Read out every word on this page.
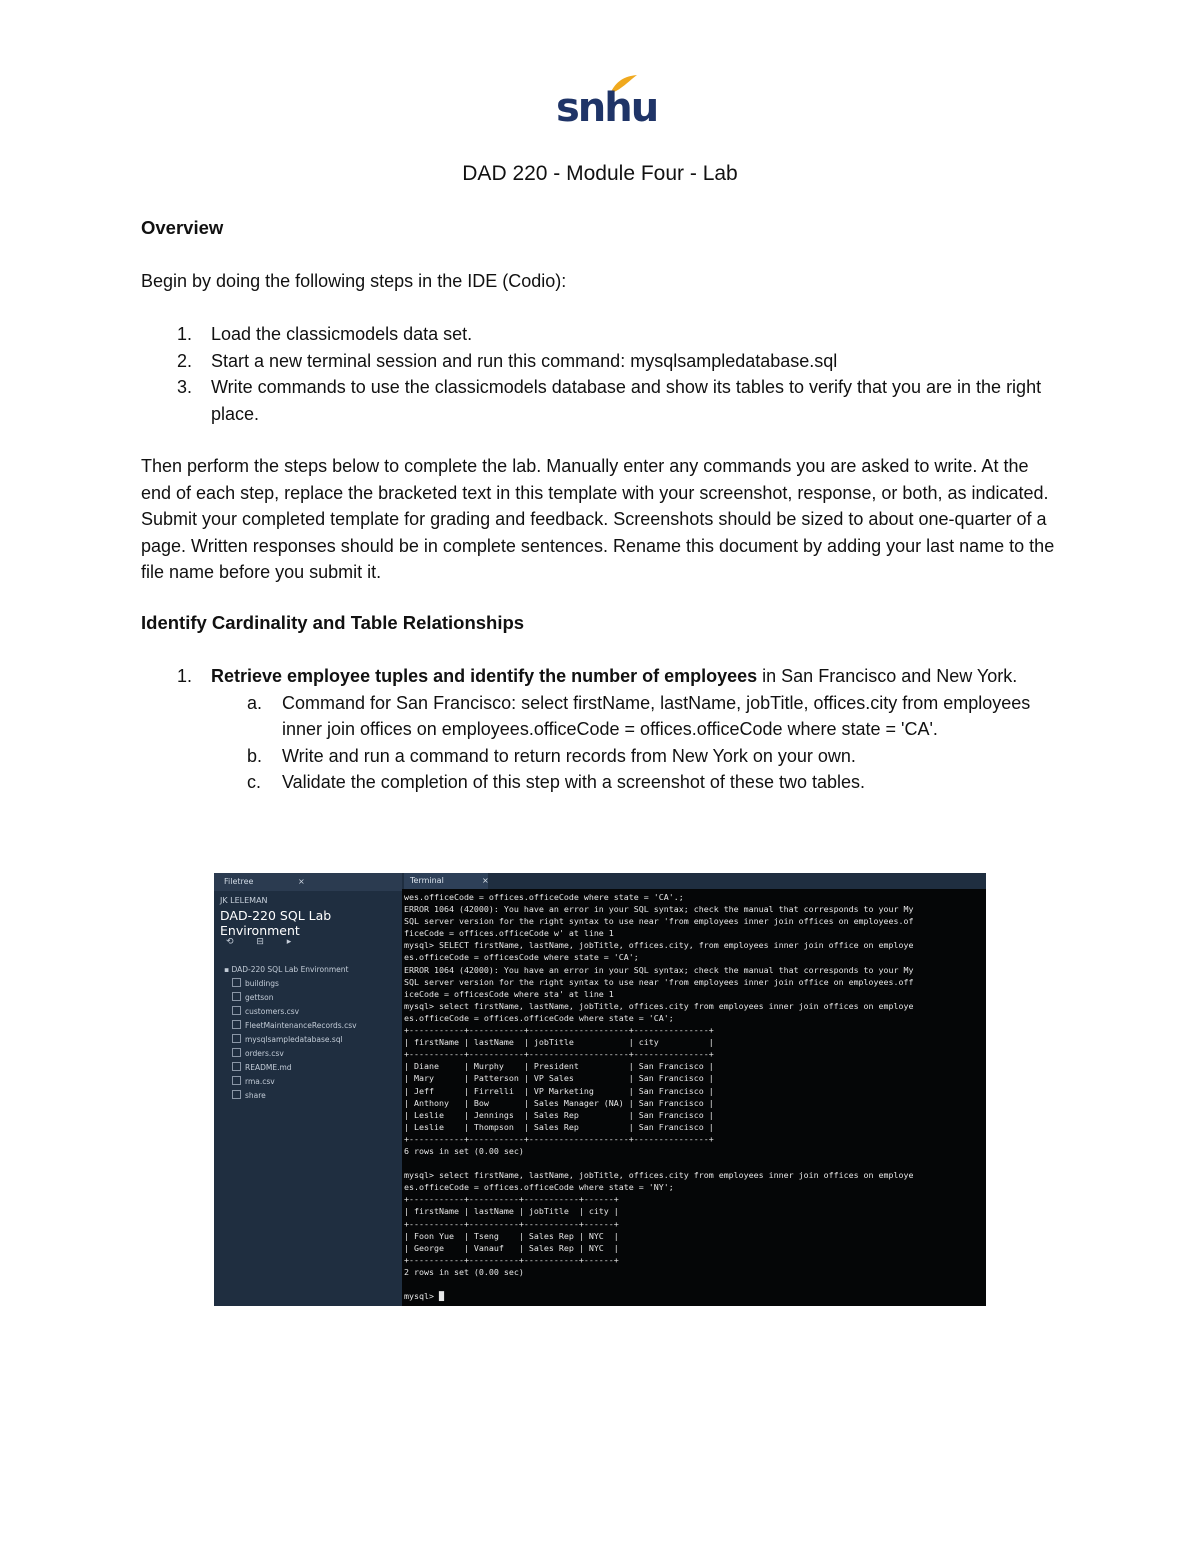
snhu
DAD 220 - Module Four - Lab
Overview
Begin by doing the following steps in the IDE (Codio):
1. Load the classicmodels data set.
2. Start a new terminal session and run this command: mysqlsampledatabase.sql
3. Write commands to use the classicmodels database and show its tables to verify that you are in the right place.
Then perform the steps below to complete the lab. Manually enter any commands you are asked to write. At the end of each step, replace the bracketed text in this template with your screenshot, response, or both, as indicated. Submit your completed template for grading and feedback. Screenshots should be sized to about one-quarter of a page. Written responses should be in complete sentences. Rename this document by adding your last name to the file name before you submit it.
Identify Cardinality and Table Relationships
1. Retrieve employee tuples and identify the number of employees in San Francisco and New York.
a. Command for San Francisco: select firstName, lastName, jobTitle, offices.city from employees inner join offices on employees.officeCode = offices.officeCode where state = 'CA'.
b. Write and run a command to return records from New York on your own.
c. Validate the completion of this step with a screenshot of these two tables.
Filetree	×
JK LELEMAN
DAD-220 SQL Lab Environment
⟲ ⊟ ▸
▪ DAD-220 SQL Lab Environment
buildings
gettson
customers.csv
FleetMaintenanceRecords.csv
mysqlsampledatabase.sql
orders.csv
README.md
rma.csv
share
Terminal	×
wes.officeCode = offices.officeCode where state = 'CA'.;
ERROR 1064 (42000): You have an error in your SQL syntax; check the manual that corresponds to your My
SQL server version for the right syntax to use near 'from employees inner join offices on employees.of
ficeCode = offices.officeCode w' at line 1
mysql> SELECT firstName, lastName, jobTitle, offices.city, from employees inner join office on employe
es.officeCode = officesCode where state = 'CA';
ERROR 1064 (42000): You have an error in your SQL syntax; check the manual that corresponds to your My
SQL server version for the right syntax to use near 'from employees inner join office on employees.off
iceCode = officesCode where sta' at line 1
mysql> select firstName, lastName, jobTitle, offices.city from employees inner join offices on employe
es.officeCode = offices.officeCode where state = 'CA';
+-----------+-----------+--------------------+---------------+
| firstName | lastName  | jobTitle           | city          |
+-----------+-----------+--------------------+---------------+
| Diane     | Murphy    | President          | San Francisco |
| Mary      | Patterson | VP Sales           | San Francisco |
| Jeff      | Firrelli  | VP Marketing       | San Francisco |
| Anthony   | Bow       | Sales Manager (NA) | San Francisco |
| Leslie    | Jennings  | Sales Rep          | San Francisco |
| Leslie    | Thompson  | Sales Rep          | San Francisco |
+-----------+-----------+--------------------+---------------+
6 rows in set (0.00 sec)

mysql> select firstName, lastName, jobTitle, offices.city from employees inner join offices on employe
es.officeCode = offices.officeCode where state = 'NY';
+-----------+----------+-----------+------+
| firstName | lastName | jobTitle  | city |
+-----------+----------+-----------+------+
| Foon Yue  | Tseng    | Sales Rep | NYC  |
| George    | Vanauf   | Sales Rep | NYC  |
+-----------+----------+-----------+------+
2 rows in set (0.00 sec)

mysql> █
